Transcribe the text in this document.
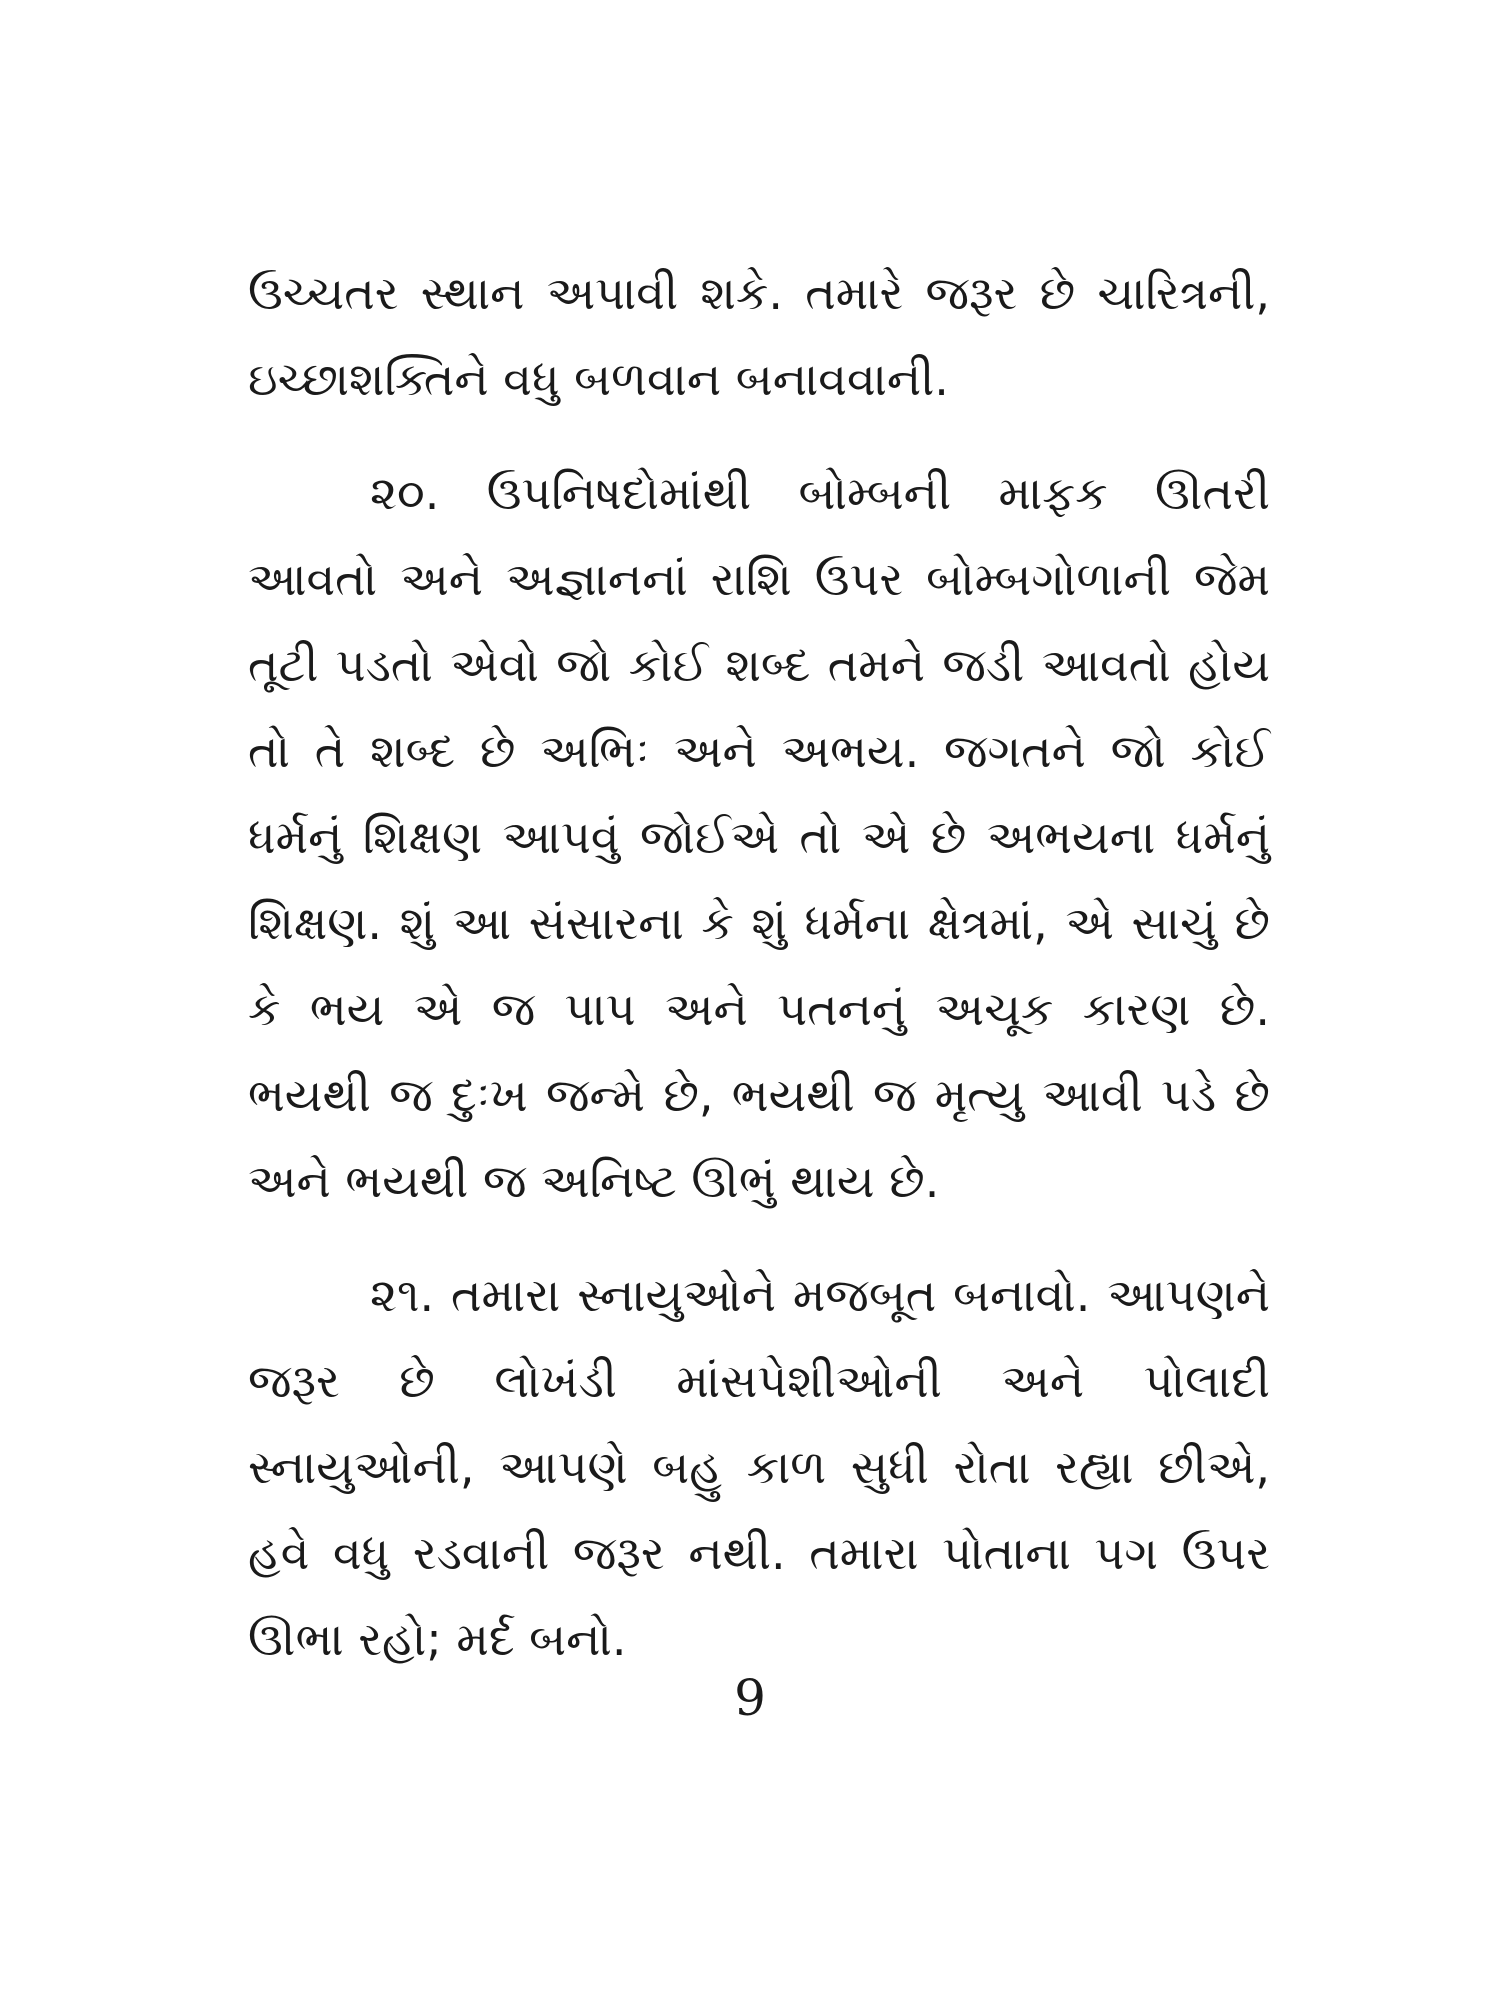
ઉચ્ચતર સ્થાન અપાવી શકે. તમારે જરૂર છે ચારિત્રની, ઇચ્છાશક્તિને વધુ બળવાન બનાવવાની.

૨૦. ઉપનિષદોમાંથી બોમ્બની માફક ઊતરી આવતો અને અજ્ઞાનનાં રાશિ ઉપર બોમ્બગોળાની જેમ તૂટી પડતો એવો જો કોઈ શબ્દ તમને જડી આવતો હોય તો તે શબ્દ છે અભિઃ અને અભય. જગતને જો કોઈ ધર્મનું શિક્ષણ આપવું જોઈએ તો એ છે અભયના ધર્મનું શિક્ષણ. શું આ સંસારના કે શું ધર્મના ક્ષેત્રમાં, એ સાચું છે કે ભય એ જ પાપ અને પતનનું અચૂક કારણ છે. ભયથી જ દુઃખ જન્મે છે, ભયથી જ મૃત્યુ આવી પડે છે અને ભયથી જ અનિષ્ટ ઊભું થાય છે.

૨૧. તમારા સ્નાયુઓને મજબૂત બનાવો. આપણને જરૂર છે લોખંડી માંસપેશીઓની અને પોલાદી સ્નાયુઓની, આપણે બહુ કાળ સુધી રોતા રહ્યા છીએ, હવે વધુ રડવાની જરૂર નથી. તમારા પોતાના પગ ઉપર ઊભા રહો; મર્દ બનો.

9
